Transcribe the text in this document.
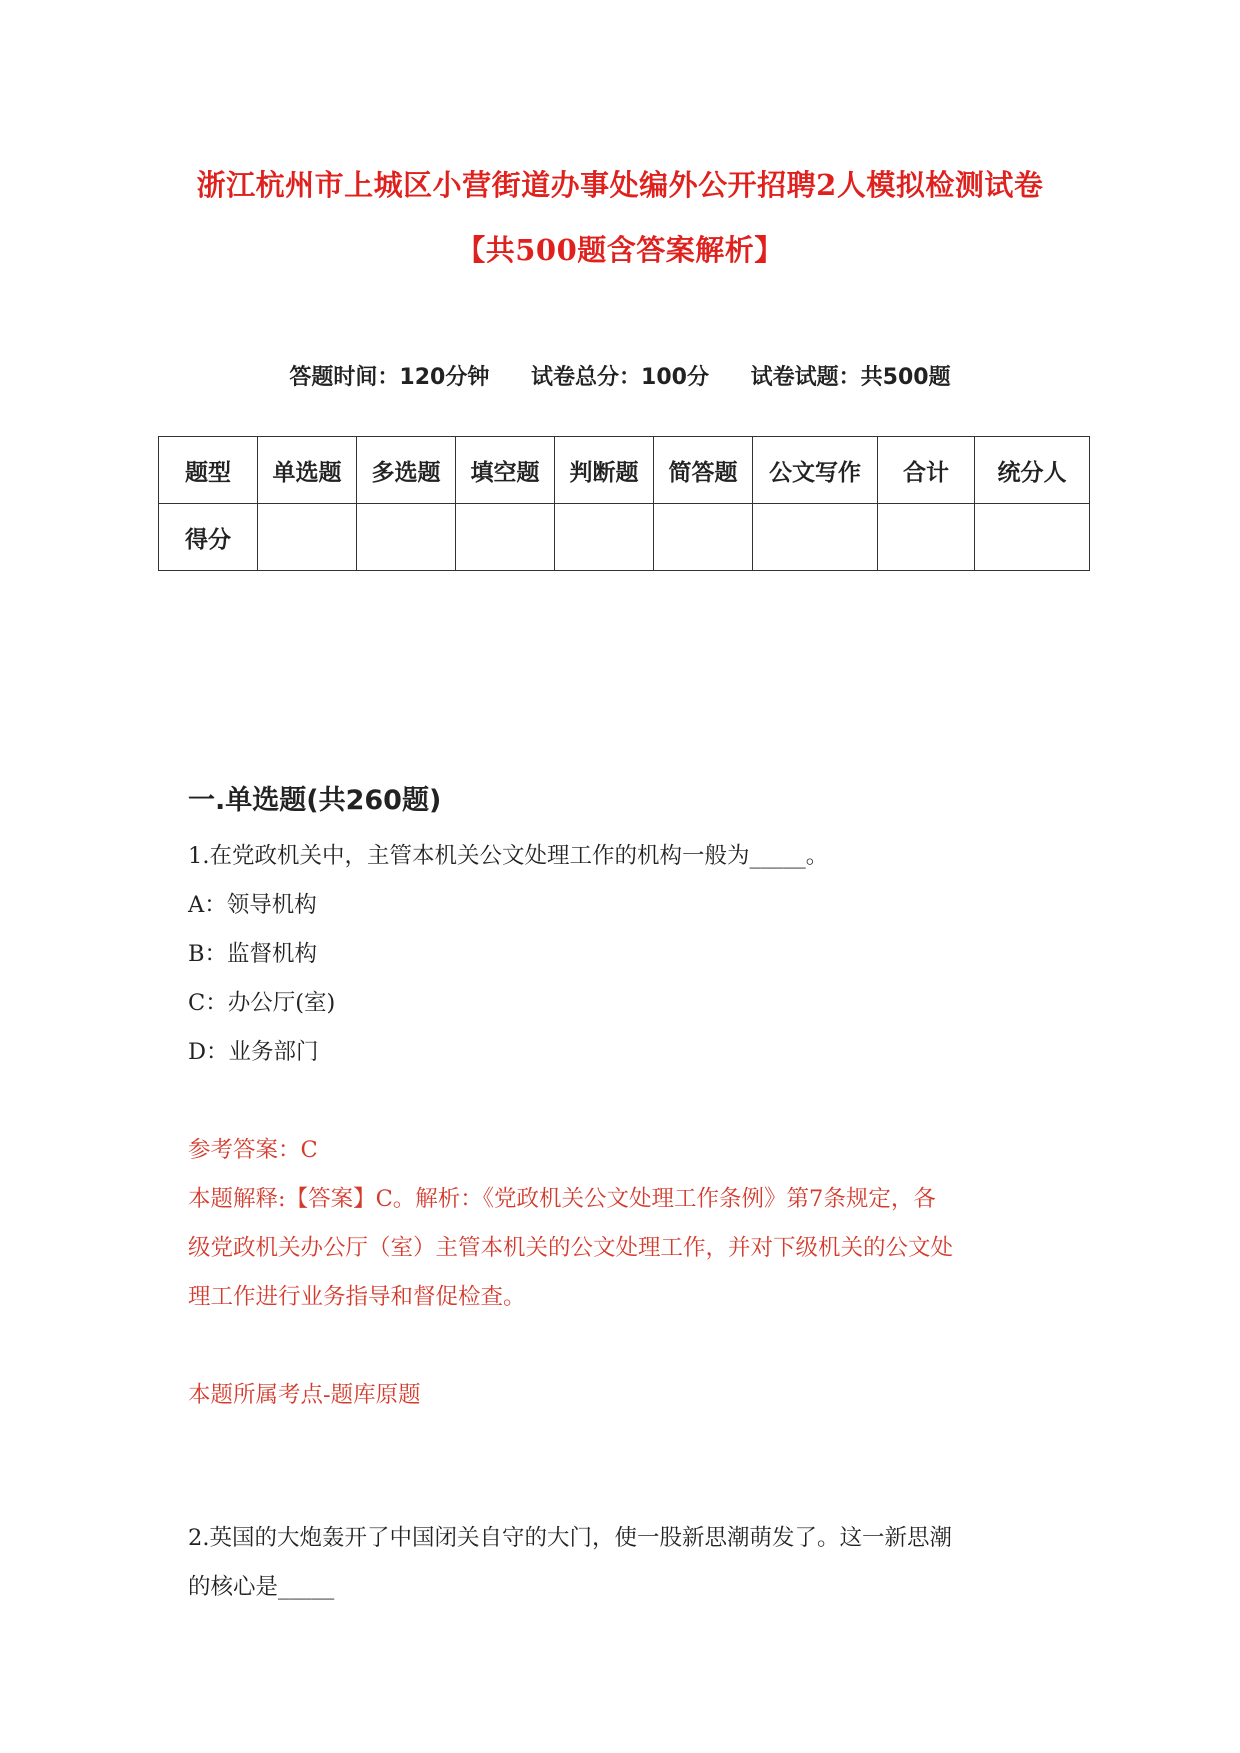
浙江杭州市上城区小营街道办事处编外公开招聘2人模拟检测试卷
【共500题含答案解析】
答题时间：120分钟 试卷总分：100分 试卷试题：共500题
题型	单选题	多选题	填空题	判断题	简答题	公文写作	合计	统分人
得分								
一.单选题(共260题)
1.在党政机关中，主管本机关公文处理工作的机构一般为_____。
A：领导机构
B：监督机构
C：办公厅(室)
D：业务部门
参考答案：C
本题解释:【答案】C。解析：《党政机关公文处理工作条例》第7条规定，各
级党政机关办公厅（室）主管本机关的公文处理工作，并对下级机关的公文处
理工作进行业务指导和督促检查。
本题所属考点-题库原题
2.英国的大炮轰开了中国闭关自守的大门，使一股新思潮萌发了。这一新思潮
的核心是_____
